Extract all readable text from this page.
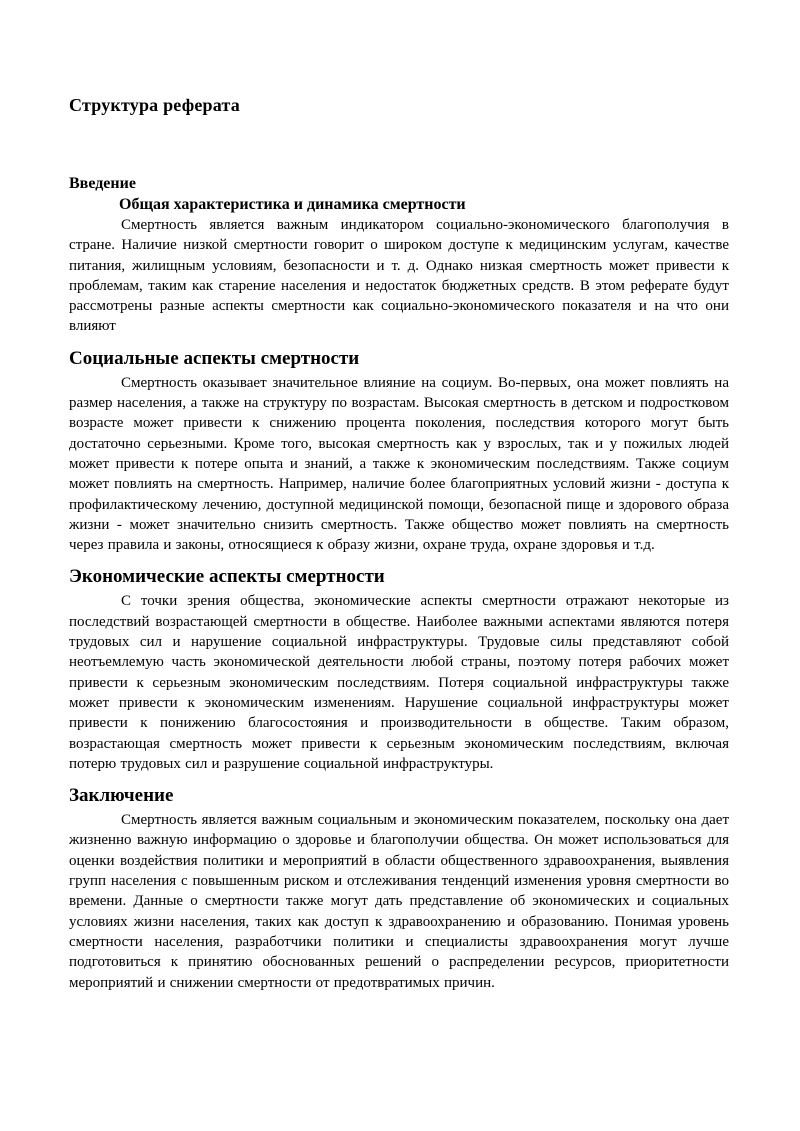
Структура реферата
Введение
Общая характеристика и динамика смертности

Смертность является важным индикатором социально-экономического благополучия в стране. Наличие низкой смертности говорит о широком доступе к медицинским услугам, качестве питания, жилищным условиям, безопасности и т. д. Однако низкая смертность может привести к проблемам, таким как старение населения и недостаток бюджетных средств. В этом реферате будут рассмотрены разные аспекты смертности как социально-экономического показателя и на что они влияют

Социальные аспекты смертности

Смертность оказывает значительное влияние на социум. Во-первых, она может повлиять на размер населения, а также на структуру по возрастам. Высокая смертность в детском и подростковом возрасте может привести к снижению процента поколения, последствия которого могут быть достаточно серьезными. Кроме того, высокая смертность как у взрослых, так и у пожилых людей может привести к потере опыта и знаний, а также к экономическим последствиям. Также социум может повлиять на смертность. Например, наличие более благоприятных условий жизни - доступа к профилактическому лечению, доступной медицинской помощи, безопасной пище и здорового образа жизни - может значительно снизить смертность. Также общество может повлиять на смертность через правила и законы, относящиеся к образу жизни, охране труда, охране здоровья и т.д.

Экономические аспекты смертности

С точки зрения общества, экономические аспекты смертности отражают некоторые из последствий возрастающей смертности в обществе. Наиболее важными аспектами являются потеря трудовых сил и нарушение социальной инфраструктуры. Трудовые силы представляют собой неотъемлемую часть экономической деятельности любой страны, поэтому потеря рабочих может привести к серьезным экономическим последствиям. Потеря социальной инфраструктуры также может привести к экономическим изменениям. Нарушение социальной инфраструктуры может привести к понижению благосостояния и производительности в обществе. Таким образом, возрастающая смертность может привести к серьезным экономическим последствиям, включая потерю трудовых сил и разрушение социальной инфраструктуры.

Заключение

Смертность является важным социальным и экономическим показателем, поскольку она дает жизненно важную информацию о здоровье и благополучии общества. Он может использоваться для оценки воздействия политики и мероприятий в области общественного здравоохранения, выявления групп населения с повышенным риском и отслеживания тенденций изменения уровня смертности во времени. Данные о смертности также могут дать представление об экономических и социальных условиях жизни населения, таких как доступ к здравоохранению и образованию. Понимая уровень смертности населения, разработчики политики и специалисты здравоохранения могут лучше подготовиться к принятию обоснованных решений о распределении ресурсов, приоритетности мероприятий и снижении смертности от предотвратимых причин.
